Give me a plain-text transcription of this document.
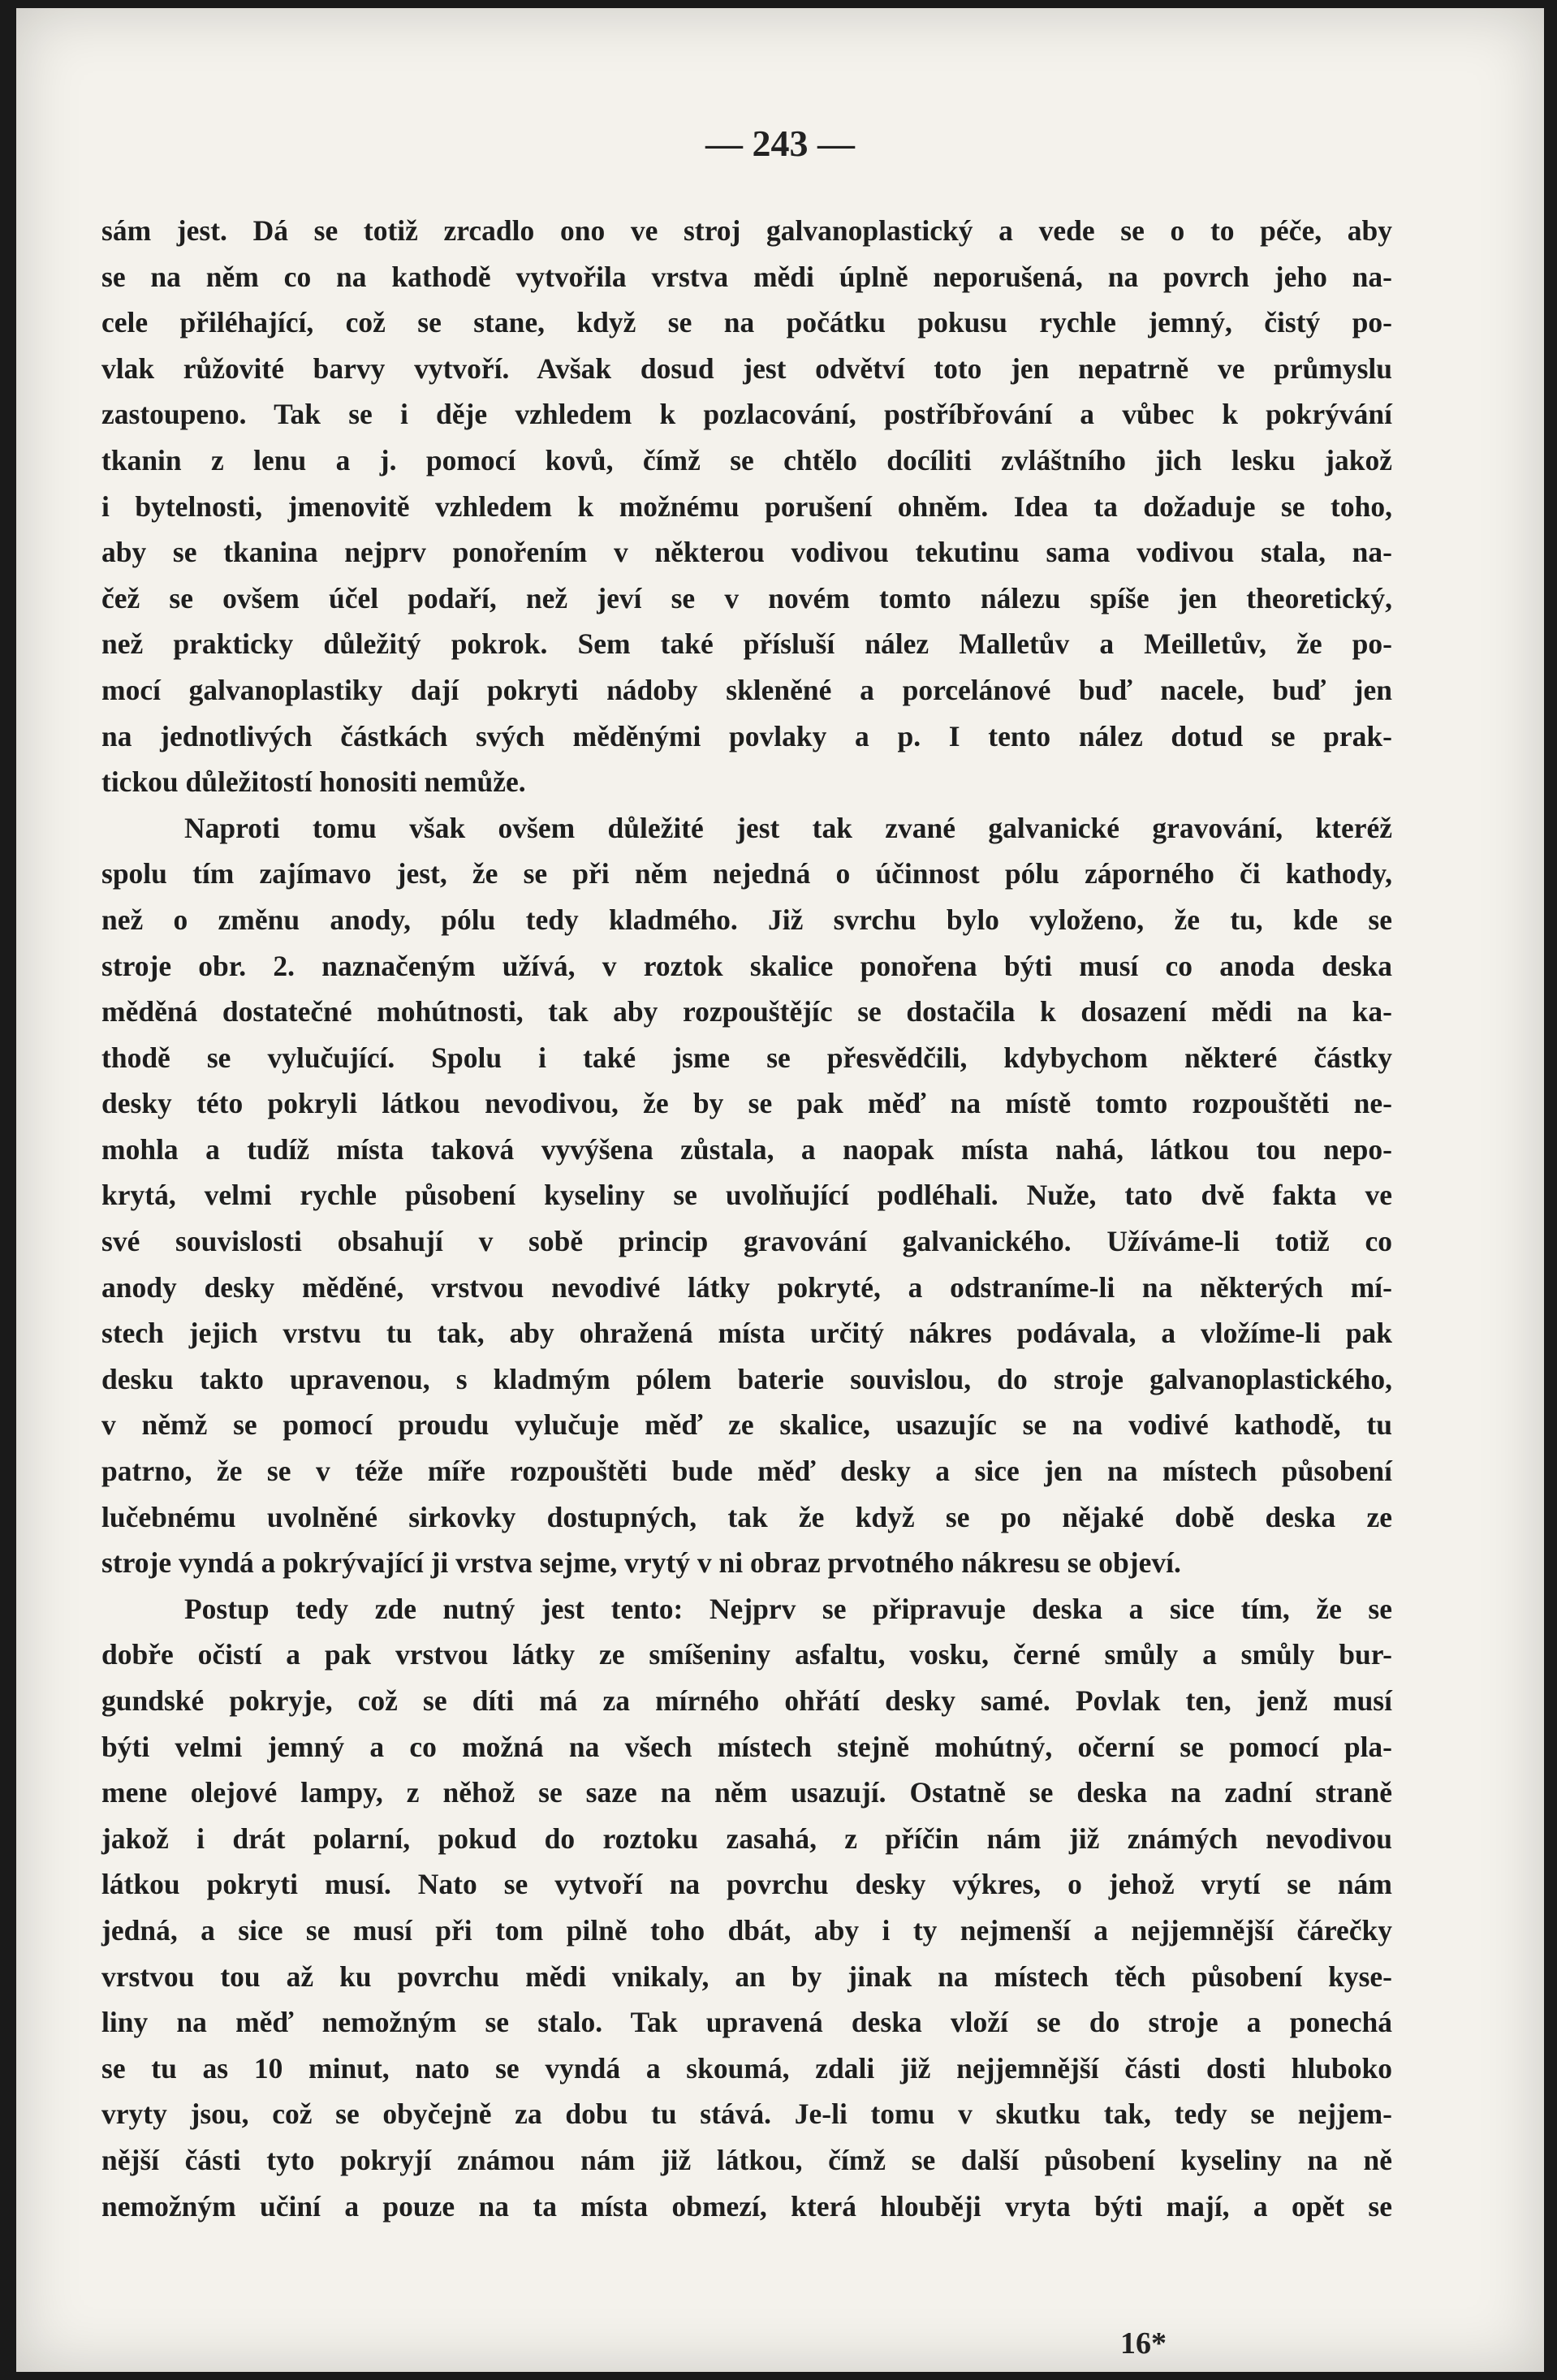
— 243 —
sám jest. Dá se totiž zrcadlo ono ve stroj galvanoplastický a vede se o to péče, aby
se na něm co na kathodě vytvořila vrstva mědi úplně neporušená, na povrch jeho na-
cele přiléhající, což se stane, když se na počátku pokusu rychle jemný, čistý po-
vlak růžovité barvy vytvoří. Avšak dosud jest odvětví toto jen nepatrně ve průmyslu
zastoupeno. Tak se i děje vzhledem k pozlacování, postříbřování a vůbec k pokrývání
tkanin z lenu a j. pomocí kovů, čímž se chtělo docíliti zvláštního jich lesku jakož
i bytelnosti, jmenovitě vzhledem k možnému porušení ohněm. Idea ta dožaduje se toho,
aby se tkanina nejprv ponořením v některou vodivou tekutinu sama vodivou stala, na-
čež se ovšem účel podaří, než jeví se v novém tomto nálezu spíše jen theoretický,
než prakticky důležitý pokrok. Sem také přísluší nález Malletův a Meilletův, že po-
mocí galvanoplastiky dají pokryti nádoby skleněné a porcelánové buď nacele, buď jen
na jednotlivých částkách svých měděnými povlaky a p. I tento nález dotud se prak-
tickou důležitostí honositi nemůže.
Naproti tomu však ovšem důležité jest tak zvané galvanické gravování, kteréž
spolu tím zajímavo jest, že se při něm nejedná o účinnost pólu záporného či kathody,
než o změnu anody, pólu tedy kladmého. Již svrchu bylo vyloženo, že tu, kde se
stroje obr. 2. naznačeným užívá, v roztok skalice ponořena býti musí co anoda deska
měděná dostatečné mohútnosti, tak aby rozpouštějíc se dostačila k dosazení mědi na ka-
thodě se vylučující. Spolu i také jsme se přesvědčili, kdybychom některé částky
desky této pokryli látkou nevodivou, že by se pak měď na místě tomto rozpouštěti ne-
mohla a tudíž místa taková vyvýšena zůstala, a naopak místa nahá, látkou tou nepo-
krytá, velmi rychle působení kyseliny se uvolňující podléhali. Nuže, tato dvě fakta ve
své souvislosti obsahují v sobě princip gravování galvanického. Užíváme-li totiž co
anody desky měděné, vrstvou nevodivé látky pokryté, a odstraníme-li na některých mí-
stech jejich vrstvu tu tak, aby ohražená místa určitý nákres podávala, a vložíme-li pak
desku takto upravenou, s kladmým pólem baterie souvislou, do stroje galvanoplastického,
v němž se pomocí proudu vylučuje měď ze skalice, usazujíc se na vodivé kathodě, tu
patrno, že se v téže míře rozpouštěti bude měď desky a sice jen na místech působení
lučebnému uvolněné sirkovky dostupných, tak že když se po nějaké době deska ze
stroje vyndá a pokrývající ji vrstva sejme, vrytý v ni obraz prvotného nákresu se objeví.
Postup tedy zde nutný jest tento: Nejprv se připravuje deska a sice tím, že se
dobře očistí a pak vrstvou látky ze smíšeniny asfaltu, vosku, černé smůly a smůly bur-
gundské pokryje, což se díti má za mírného ohřátí desky samé. Povlak ten, jenž musí
býti velmi jemný a co možná na všech místech stejně mohútný, očerní se pomocí pla-
mene olejové lampy, z něhož se saze na něm usazují. Ostatně se deska na zadní straně
jakož i drát polarní, pokud do roztoku zasahá, z příčin nám již známých nevodivou
látkou pokryti musí. Nato se vytvoří na povrchu desky výkres, o jehož vrytí se nám
jedná, a sice se musí při tom pilně toho dbát, aby i ty nejmenší a nejjemnější čárečky
vrstvou tou až ku povrchu mědi vnikaly, an by jinak na místech těch působení kyse-
liny na měď nemožným se stalo. Tak upravená deska vloží se do stroje a ponechá
se tu as 10 minut, nato se vyndá a skoumá, zdali již nejjemnější části dosti hluboko
vryty jsou, což se obyčejně za dobu tu stává. Je-li tomu v skutku tak, tedy se nejjem-
nější části tyto pokryjí známou nám již látkou, čímž se další působení kyseliny na ně
nemožným učiní a pouze na ta místa obmezí, která hlouběji vryta býti mají, a opět se
16*
